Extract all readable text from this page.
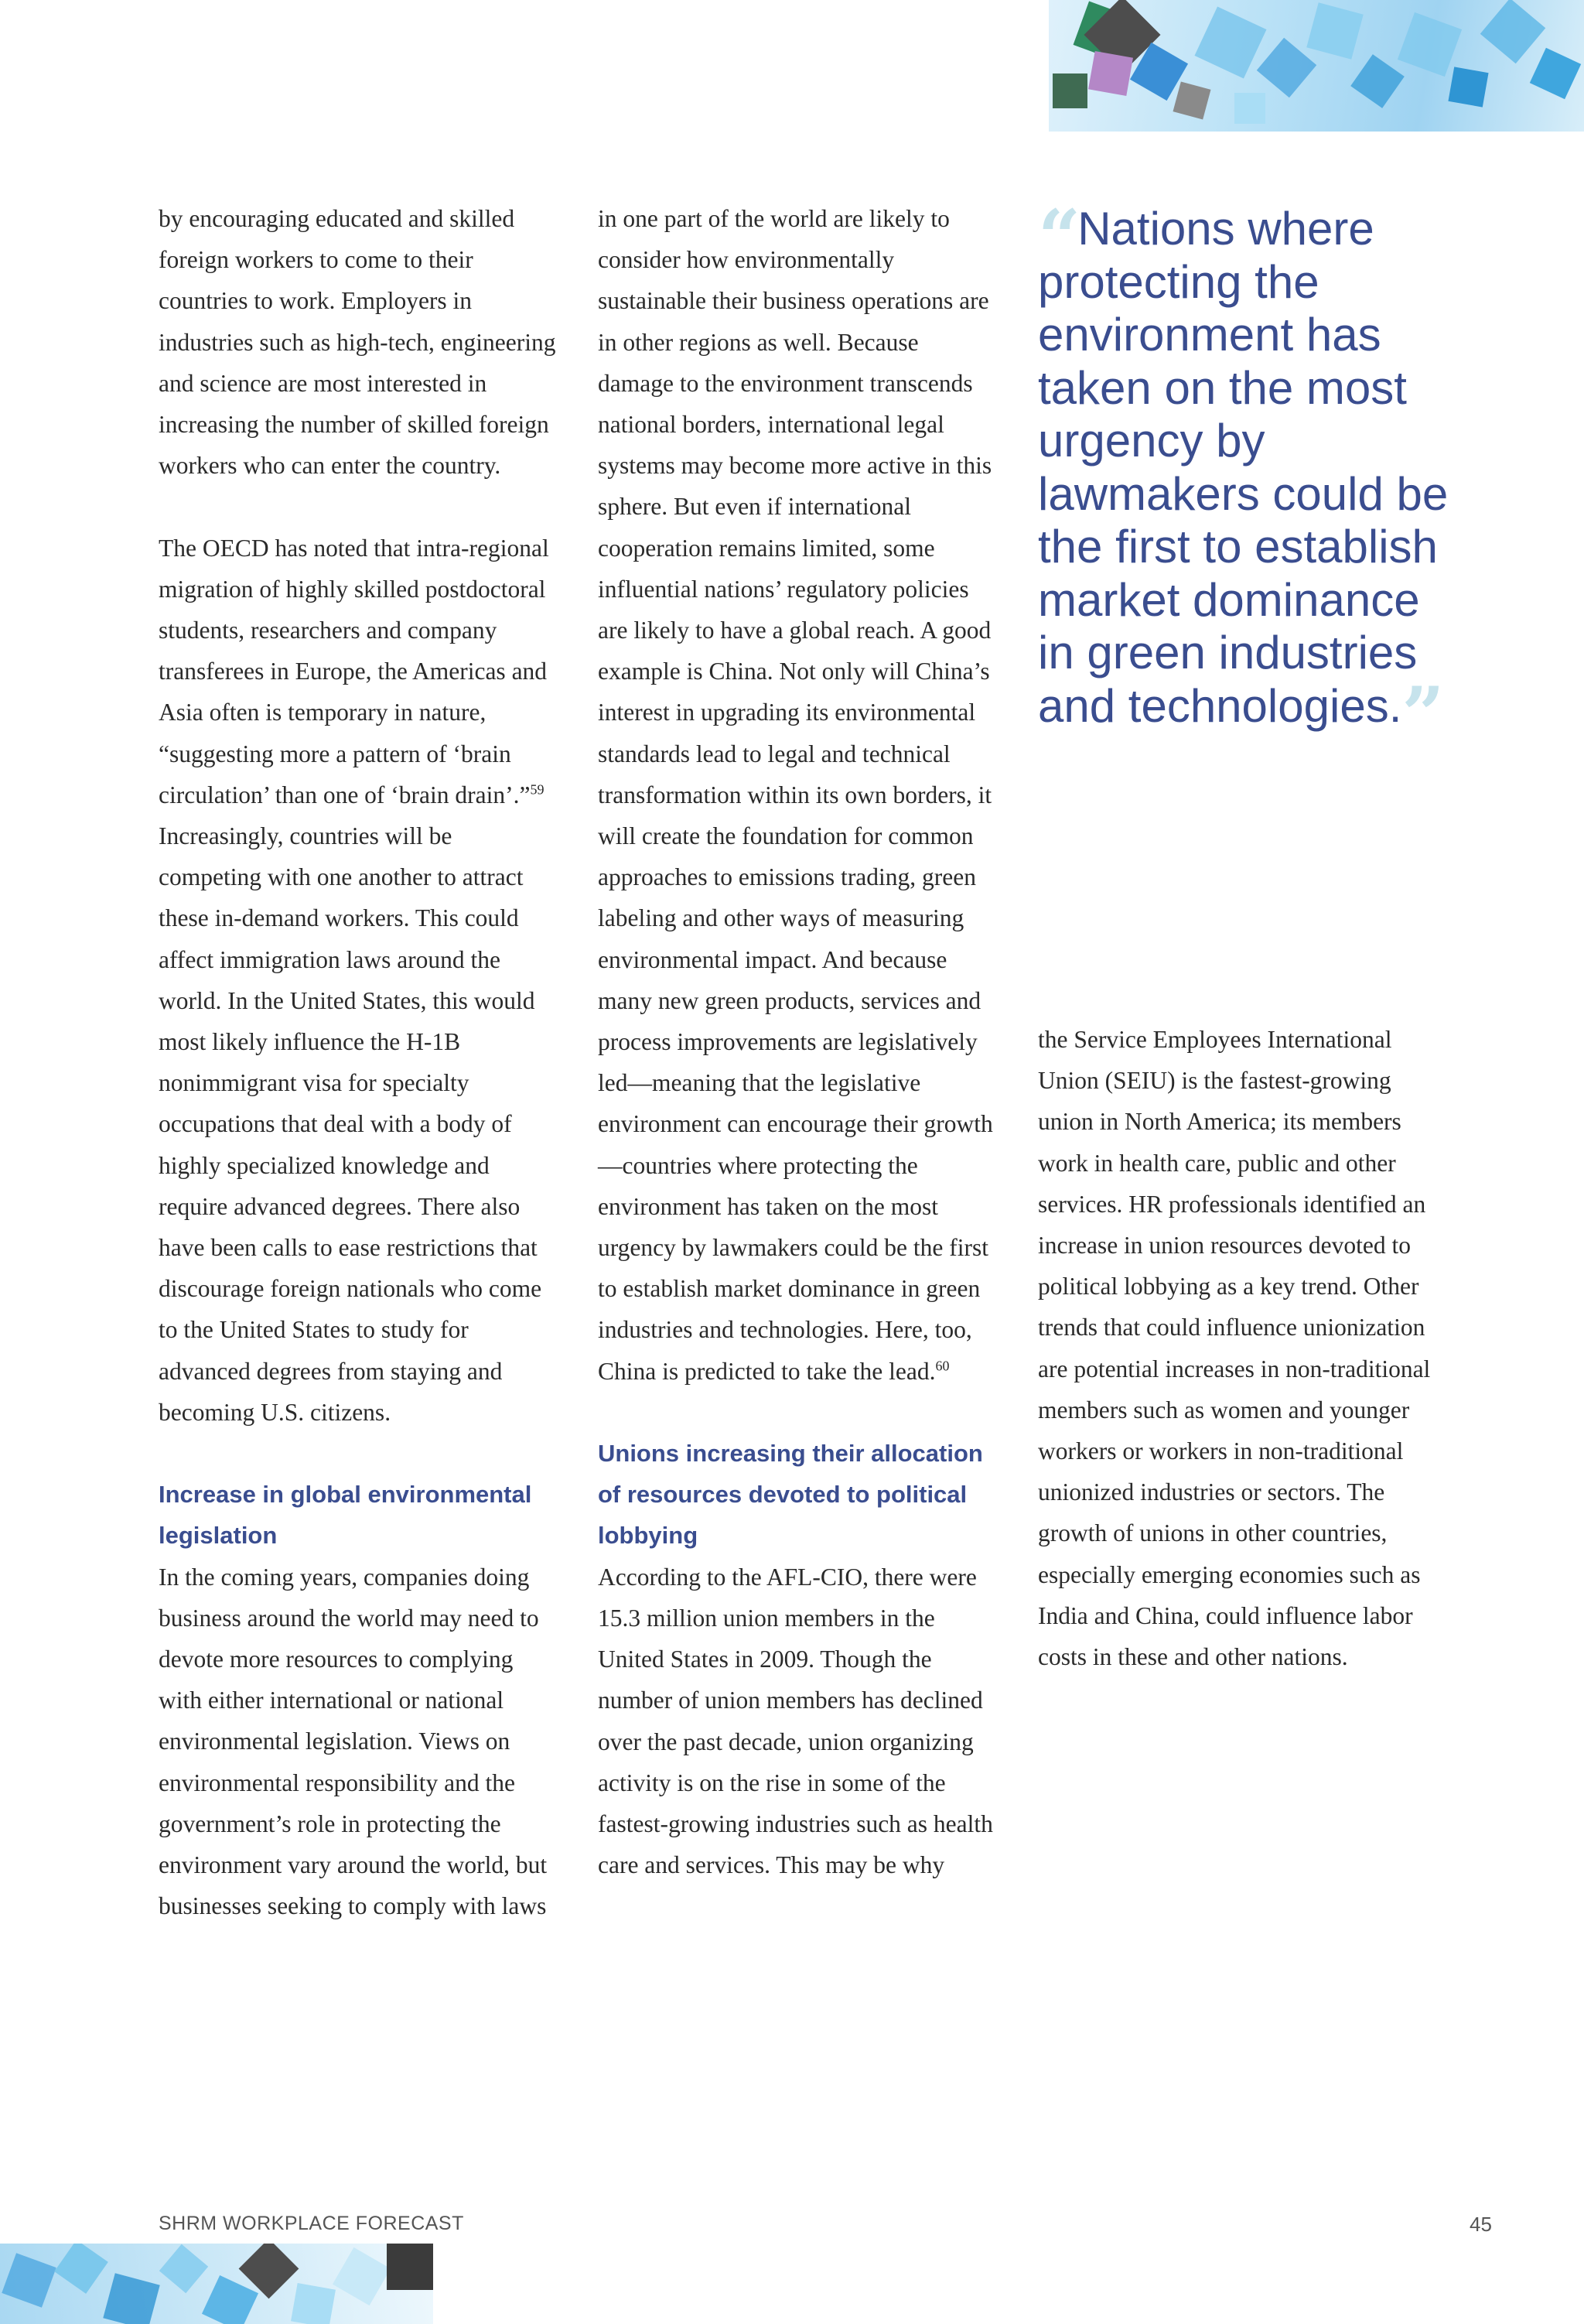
by encouraging educated and skilled foreign workers to come to their countries to work. Employers in industries such as high-tech, engineering and science are most interested in increasing the number of skilled foreign workers who can enter the country.

The OECD has noted that intra-regional migration of highly skilled postdoctoral students, researchers and company transferees in Europe, the Americas and Asia often is temporary in nature, “suggesting more a pattern of ‘brain circulation’ than one of ‘brain drain’.”$^{59}$ Increasingly, countries will be competing with one another to attract these in-demand workers. This could affect immigration laws around the world. In the United States, this would most likely influence the H-1B nonimmigrant visa for specialty occupations that deal with a body of highly specialized knowledge and require advanced degrees. There also have been calls to ease restrictions that discourage foreign nationals who come to the United States to study for advanced degrees from staying and becoming U.S. citizens.

Increase in global environmental legislation

In the coming years, companies doing business around the world may need to devote more resources to complying with either international or national environmental legislation. Views on environmental responsibility and the government’s role in protecting the environment vary around the world, but businesses seeking to comply with laws

in one part of the world are likely to consider how environmentally sustainable their business operations are in other regions as well. Because damage to the environment transcends national borders, international legal systems may become more active in this sphere. But even if international cooperation remains limited, some influential nations’ regulatory policies are likely to have a global reach. A good example is China. Not only will China’s interest in upgrading its environmental standards lead to legal and technical transformation within its own borders, it will create the foundation for common approaches to emissions trading, green labeling and other ways of measuring environmental impact. And because many new green products, services and process improvements are legislatively led—meaning that the legislative environment can encourage their growth—countries where protecting the environment has taken on the most urgency by lawmakers could be the first to establish market dominance in green industries and technologies. Here, too, China is predicted to take the lead.$^{60}$

Unions increasing their allocation of resources devoted to political lobbying

According to the AFL-CIO, there were 15.3 million union members in the United States in 2009. Though the number of union members has declined over the past decade, union organizing activity is on the rise in some of the fastest-growing industries such as health care and services. This may be why

“Nations where protecting the environment has taken on the most urgency by lawmakers could be the first to establish market dominance in green industries and technologies.”

the Service Employees International Union (SEIU) is the fastest-growing union in North America; its members work in health care, public and other services. HR professionals identified an increase in union resources devoted to political lobbying as a key trend. Other trends that could influence unionization are potential increases in non-traditional members such as women and younger workers or workers in non-traditional unionized industries or sectors. The growth of unions in other countries, especially emerging economies such as India and China, could influence labor costs in these and other nations.

SHRM WORKPLACE FORECAST	45
